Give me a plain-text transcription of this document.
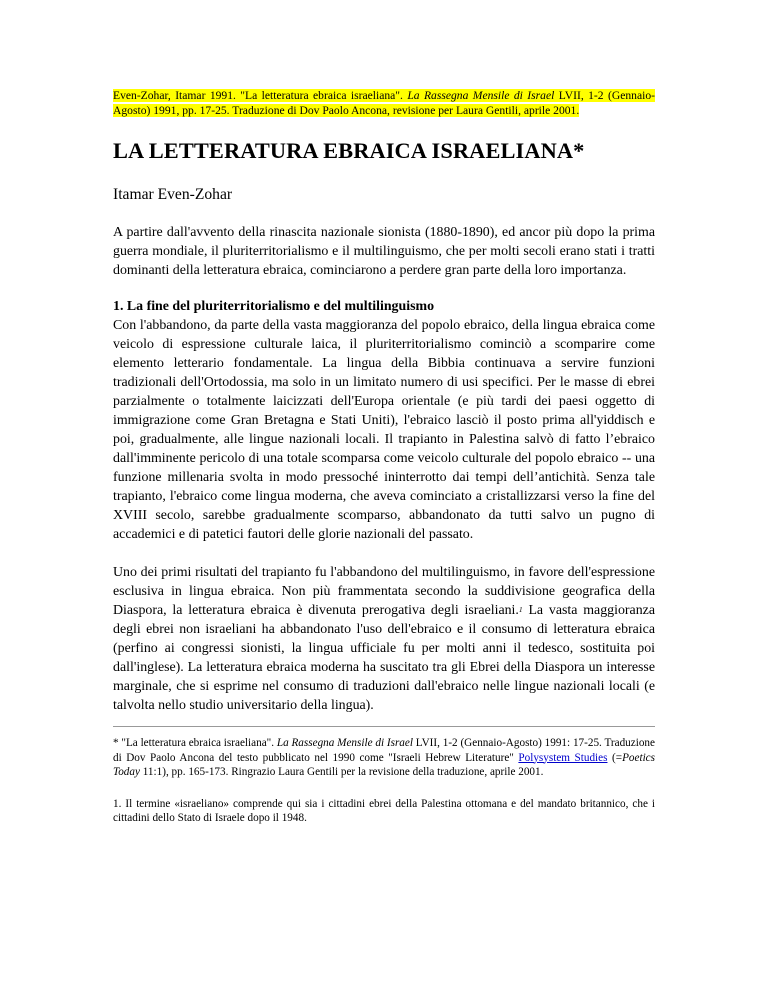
Even-Zohar, Itamar 1991. "La letteratura ebraica israeliana". La Rassegna Mensile di Israel LVII, 1-2 (Gennaio-Agosto) 1991, pp. 17-25. Traduzione di Dov Paolo Ancona, revisione per Laura Gentili, aprile 2001.
LA LETTERATURA EBRAICA ISRAELIANA*
Itamar Even-Zohar

A partire dall'avvento della rinascita nazionale sionista (1880-1890), ed ancor più dopo la prima guerra mondiale, il pluriterritorialismo e il multilinguismo, che per molti secoli erano stati i tratti dominanti della letteratura ebraica, cominciarono a perdere gran parte della loro importanza.

1. La fine del pluriterritorialismo e del multilinguismo

Con l'abbandono, da parte della vasta maggioranza del popolo ebraico, della lingua ebraica come veicolo di espressione culturale laica, il pluriterritorialismo cominciò a scomparire come elemento letterario fondamentale. La lingua della Bibbia continuava a servire funzioni tradizionali dell'Ortodossia, ma solo in un limitato numero di usi specifici. Per le masse di ebrei parzialmente o totalmente laicizzati dell'Europa orientale (e più tardi dei paesi oggetto di immigrazione come Gran Bretagna e Stati Uniti), l'ebraico lasciò il posto prima all'yiddisch e poi, gradualmente, alle lingue nazionali locali. Il trapianto in Palestina salvò di fatto l’ebraico dall'imminente pericolo di una totale scomparsa come veicolo culturale del popolo ebraico -- una funzione millenaria svolta in modo pressoché ininterrotto dai tempi dell’antichità. Senza tale trapianto, l'ebraico come lingua moderna, che aveva cominciato a cristallizzarsi verso la fine del XVIII secolo, sarebbe gradualmente scomparso, abbandonato da tutti salvo un pugno di accademici e di patetici fautori delle glorie nazionali del passato.

Uno dei primi risultati del trapianto fu l'abbandono del multilinguismo, in favore dell'espressione esclusiva in lingua ebraica. Non più frammentata secondo la suddivisione geografica della Diaspora, la letteratura ebraica è divenuta prerogativa degli israeliani.$^1$ La vasta maggioranza degli ebrei non israeliani ha abbandonato l'uso dell'ebraico e il consumo di letteratura ebraica (perfino ai congressi sionisti, la lingua ufficiale fu per molti anni il tedesco, sostituita poi dall'inglese). La letteratura ebraica moderna ha suscitato tra gli Ebrei della Diaspora un interesse marginale, che si esprime nel consumo di traduzioni dall'ebraico nelle lingue nazionali locali (e talvolta nello studio universitario della lingua).

* "La letteratura ebraica israeliana". La Rassegna Mensile di Israel LVII, 1-2 (Gennaio-Agosto) 1991: 17-25. Traduzione di Dov Paolo Ancona del testo pubblicato nel 1990 come "Israeli Hebrew Literature" Polysystem Studies (=Poetics Today 11:1), pp. 165-173. Ringrazio Laura Gentili per la revisione della traduzione, aprile 2001.
1. Il termine «israeliano» comprende qui sia i cittadini ebrei della Palestina ottomana e del mandato britannico, che i cittadini dello Stato di Israele dopo il 1948.
